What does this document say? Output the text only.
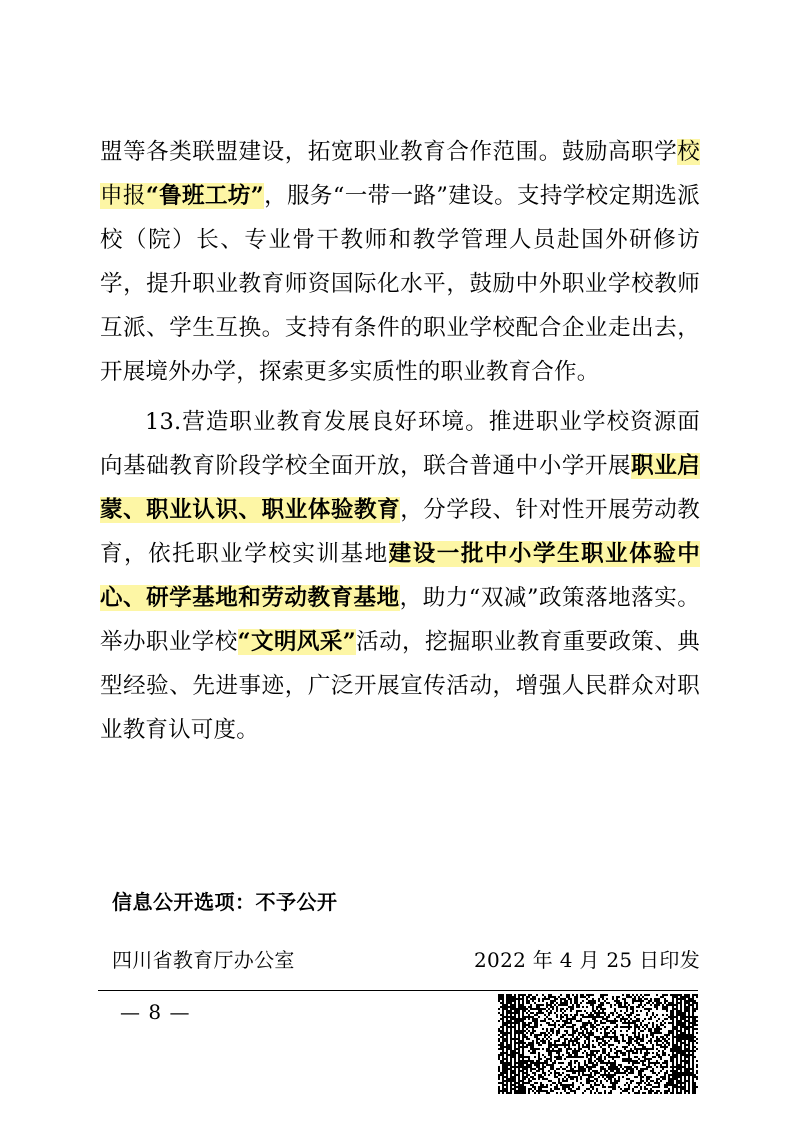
盟等各类联盟建设，拓宽职业教育合作范围。鼓励高职学校申报“鲁班工坊”，服务“一带一路”建设。支持学校定期选派校（院）长、专业骨干教师和教学管理人员赴国外研修访学，提升职业教育师资国际化水平，鼓励中外职业学校教师互派、学生互换。支持有条件的职业学校配合企业走出去，开展境外办学，探索更多实质性的职业教育合作。

13.营造职业教育发展良好环境。推进职业学校资源面向基础教育阶段学校全面开放，联合普通中小学开展职业启蒙、职业认识、职业体验教育，分学段、针对性开展劳动教育，依托职业学校实训基地建设一批中小学生职业体验中心、研学基地和劳动教育基地，助力“双减”政策落地落实。举办职业学校“文明风采”活动，挖掘职业教育重要政策、典型经验、先进事迹，广泛开展宣传活动，增强人民群众对职业教育认可度。

信息公开选项：不予公开
四川省教育厅办公室	2022 年 4 月 25 日印发
— 8 —
